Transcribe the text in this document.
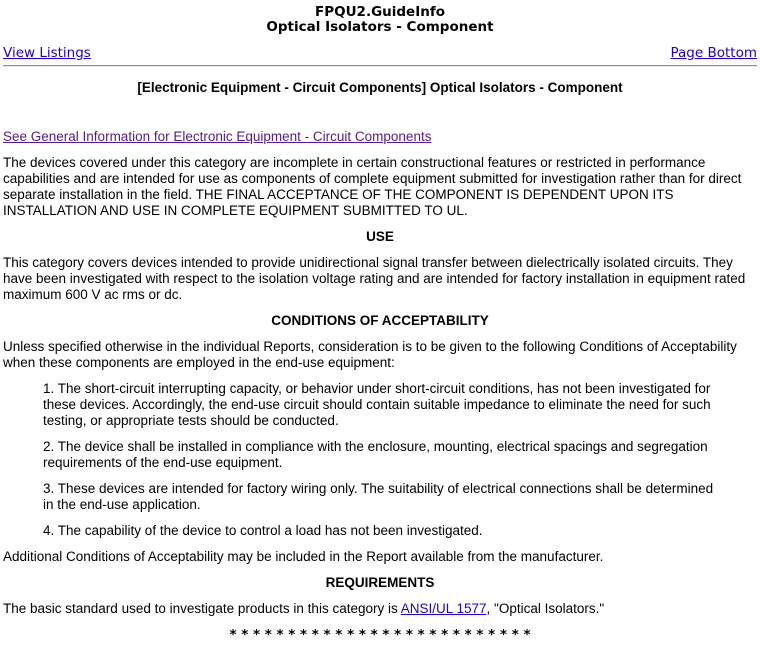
FPQU2.GuideInfo
Optical Isolators - Component
View Listings	Page Bottom
[Electronic Equipment - Circuit Components] Optical Isolators - Component
See General Information for Electronic Equipment - Circuit Components

The devices covered under this category are incomplete in certain constructional features or restricted in performance capabilities and are intended for use as components of complete equipment submitted for investigation rather than for direct separate installation in the field. THE FINAL ACCEPTANCE OF THE COMPONENT IS DEPENDENT UPON ITS INSTALLATION AND USE IN COMPLETE EQUIPMENT SUBMITTED TO UL.

USE

This category covers devices intended to provide unidirectional signal transfer between dielectrically isolated circuits. They have been investigated with respect to the isolation voltage rating and are intended for factory installation in equipment rated maximum 600 V ac rms or dc.

CONDITIONS OF ACCEPTABILITY

Unless specified otherwise in the individual Reports, consideration is to be given to the following Conditions of Acceptability when these components are employed in the end-use equipment:

1. The short-circuit interrupting capacity, or behavior under short-circuit conditions, has not been investigated for these devices. Accordingly, the end-use circuit should contain suitable impedance to eliminate the need for such testing, or appropriate tests should be conducted.
2. The device shall be installed in compliance with the enclosure, mounting, electrical spacings and segregation requirements of the end-use equipment.
3. These devices are intended for factory wiring only. The suitability of electrical connections shall be determined in the end-use application.
4. The capability of the device to control a load has not been investigated.

Additional Conditions of Acceptability may be included in the Report available from the manufacturer.

REQUIREMENTS

The basic standard used to investigate products in this category is ANSI/UL 1577, "Optical Isolators."

* * * * * * * * * * * * * * * * * * * * * * * * * *
